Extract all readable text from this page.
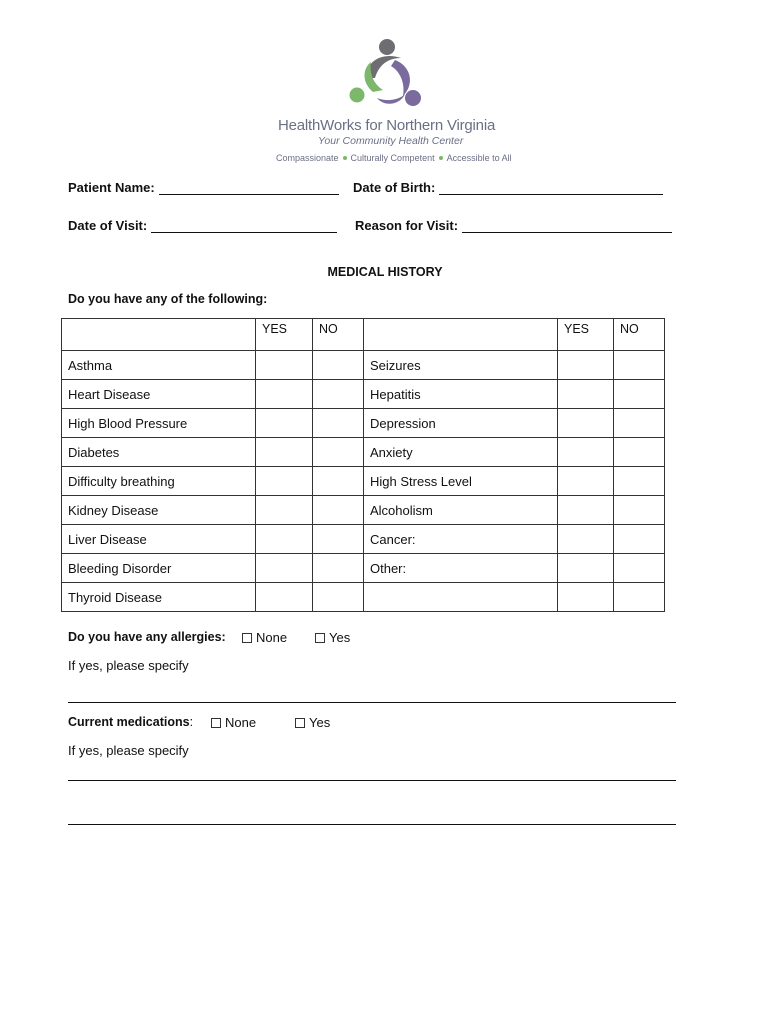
HealthWorks for Northern Virginia
Your Community Health Center
Compassionate Culturally Competent Accessible to All
Patient Name:	Date of Birth:
Date of Visit:	Reason for Visit:
MEDICAL HISTORY
Do you have any of the following:
	YES	NO		YES	NO
Asthma			Seizures		
Heart Disease			Hepatitis		
High Blood Pressure			Depression		
Diabetes			Anxiety		
Difficulty breathing			High Stress Level		
Kidney Disease			Alcoholism		
Liver Disease			Cancer:		
Bleeding Disorder			Other:		
Thyroid Disease					
Do you have any allergies: None	Yes
If yes, please specify
Current medications: None	Yes
If yes, please specify
